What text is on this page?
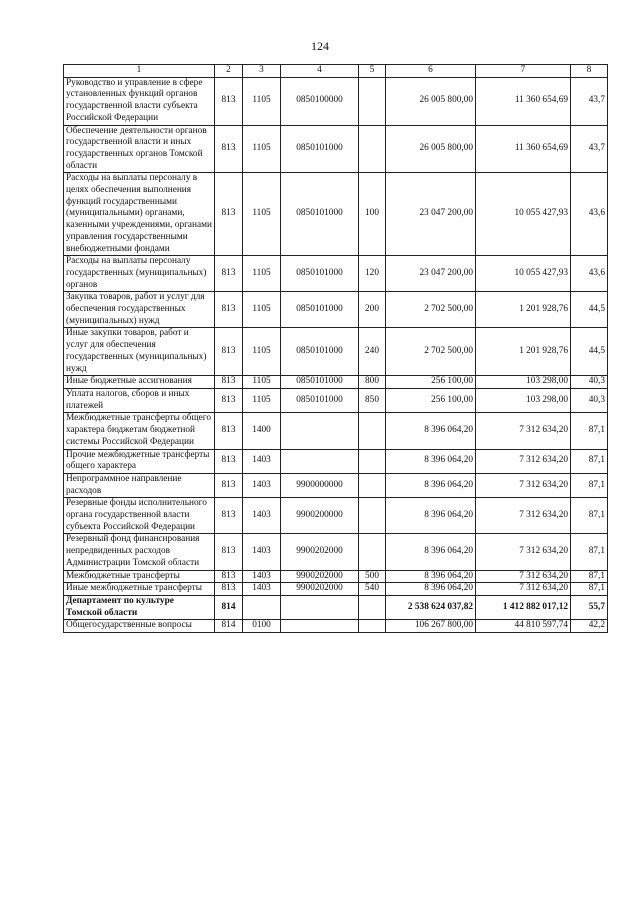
124
1	2	3	4	5	6	7	8
Руководство и управление в сфере установленных функций органов государственной власти субъекта Российской Федерации	813	1105	0850100000		26 005 800,00	11 360 654,69	43,7
Обеспечение деятельности органов государственной власти и иных государственных органов Томской области	813	1105	0850101000		26 005 800,00	11 360 654,69	43,7
Расходы на выплаты персоналу в целях обеспечения выполнения функций государственными (муниципальными) органами, казенными учреждениями, органами управления государственными внебюджетными фондами	813	1105	0850101000	100	23 047 200,00	10 055 427,93	43,6
Расходы на выплаты персоналу государственных (муниципальных) органов	813	1105	0850101000	120	23 047 200,00	10 055 427,93	43,6
Закупка товаров, работ и услуг для обеспечения государственных (муниципальных) нужд	813	1105	0850101000	200	2 702 500,00	1 201 928,76	44,5
Иные закупки товаров, работ и услуг для обеспечения государственных (муниципальных) нужд	813	1105	0850101000	240	2 702 500,00	1 201 928,76	44,5
Иные бюджетные ассигнования	813	1105	0850101000	800	256 100,00	103 298,00	40,3
Уплата налогов, сборов и иных платежей	813	1105	0850101000	850	256 100,00	103 298,00	40,3
Межбюджетные трансферты общего характера бюджетам бюджетной системы Российской Федерации	813	1400			8 396 064,20	7 312 634,20	87,1
Прочие межбюджетные трансферты общего характера	813	1403			8 396 064,20	7 312 634,20	87,1
Непрограммное направление расходов	813	1403	9900000000		8 396 064,20	7 312 634,20	87,1
Резервные фонды исполнительного органа государственной власти субъекта Российской Федерации	813	1403	9900200000		8 396 064,20	7 312 634,20	87,1
Резервный фонд финансирования непредвиденных расходов Администрации Томской области	813	1403	9900202000		8 396 064,20	7 312 634,20	87,1
Межбюджетные трансферты	813	1403	9900202000	500	8 396 064,20	7 312 634,20	87,1
Иные межбюджетные трансферты	813	1403	9900202000	540	8 396 064,20	7 312 634,20	87,1
Департамент по культуре Томской области	814				2 538 624 037,82	1 412 882 017,12	55,7
Общегосударственные вопросы	814	0100			106 267 800,00	44 810 597,74	42,2
